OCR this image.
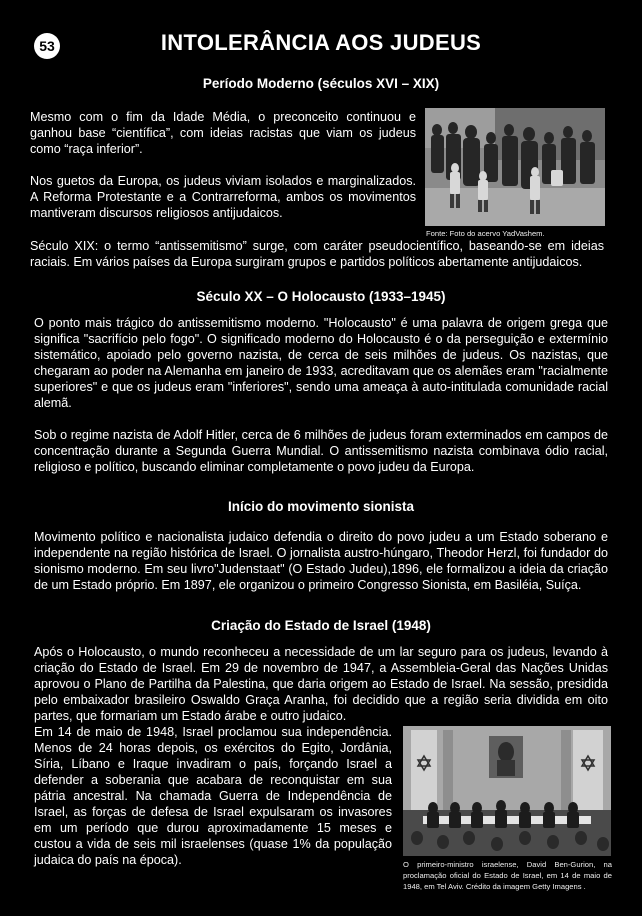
53	INTOLERÂNCIA AOS JUDEUS
Período Moderno (séculos XVI – XIX)

Mesmo com o fim da Idade Média, o preconceito continuou e ganhou base “científica”, com ideias racistas que viam os judeus como “raça inferior”.

Nos guetos da Europa, os judeus viviam isolados e marginalizados. A Reforma Protestante e a Contrarreforma, ambos os movimentos mantiveram discursos religiosos antijudaicos.

Fonte: Foto do acervo YadVashem.

Século XIX: o termo “antissemitismo” surge, com caráter pseudocientífico, baseando-se em ideias raciais. Em vários países da Europa surgiram grupos e partidos políticos abertamente antijudaicos.

Século XX – O Holocausto (1933–1945)

O ponto mais trágico do antissemitismo moderno. "Holocausto" é uma palavra de origem grega que significa "sacrifício pelo fogo". O significado moderno do Holocausto é o da perseguição e extermínio sistemático, apoiado pelo governo nazista, de cerca de seis milhões de judeus. Os nazistas, que chegaram ao poder na Alemanha em janeiro de 1933, acreditavam que os alemães eram "racialmente superiores" e que os judeus eram "inferiores", sendo uma ameaça à auto-intitulada comunidade racial alemã.

Sob o regime nazista de Adolf Hitler, cerca de 6 milhões de judeus foram exterminados em campos de concentração durante a Segunda Guerra Mundial. O antissemitismo nazista combinava ódio racial, religioso e político, buscando eliminar completamente o povo judeu da Europa.

Início do movimento sionista

Movimento político e nacionalista judaico defendia o direito do povo judeu a um Estado soberano e independente na região histórica de Israel. O jornalista austro-húngaro, Theodor Herzl, foi fundador do sionismo moderno. Em seu livro"Judenstaat" (O Estado Judeu),1896, ele formalizou a ideia da criação de um Estado próprio. Em 1897, ele organizou o primeiro Congresso Sionista, em Basiléia, Suíça.

Criação do Estado de Israel (1948)

Após o Holocausto, o mundo reconheceu a necessidade de um lar seguro para os judeus, levando à criação do Estado de Israel. Em 29 de novembro de 1947, a Assembleia-Geral das Nações Unidas aprovou o Plano de Partilha da Palestina, que daria origem ao Estado de Israel. Na sessão, presidida pelo embaixador brasileiro Oswaldo Graça Aranha, foi decidido que a região seria dividida em oito partes, que formariam um Estado árabe e outro judaico.

Em 14 de maio de 1948, Israel proclamou sua independência. Menos de 24 horas depois, os exércitos do Egito, Jordânia, Síria, Líbano e Iraque invadiram o país, forçando Israel a defender a soberania que acabara de reconquistar em sua pátria ancestral. Na chamada Guerra de Independência de Israel, as forças de defesa de Israel expulsaram os invasores em um período que durou aproximadamente 15 meses e custou a vida de seis mil israelenses (quase 1% da população judaica do país na época).	O primeiro-ministro israelense, David Ben-Gurion, na proclamação oficial do Estado de Israel, em 14 de maio de 1948, em Tel Aviv. Crédito da imagem Getty Imagens .
